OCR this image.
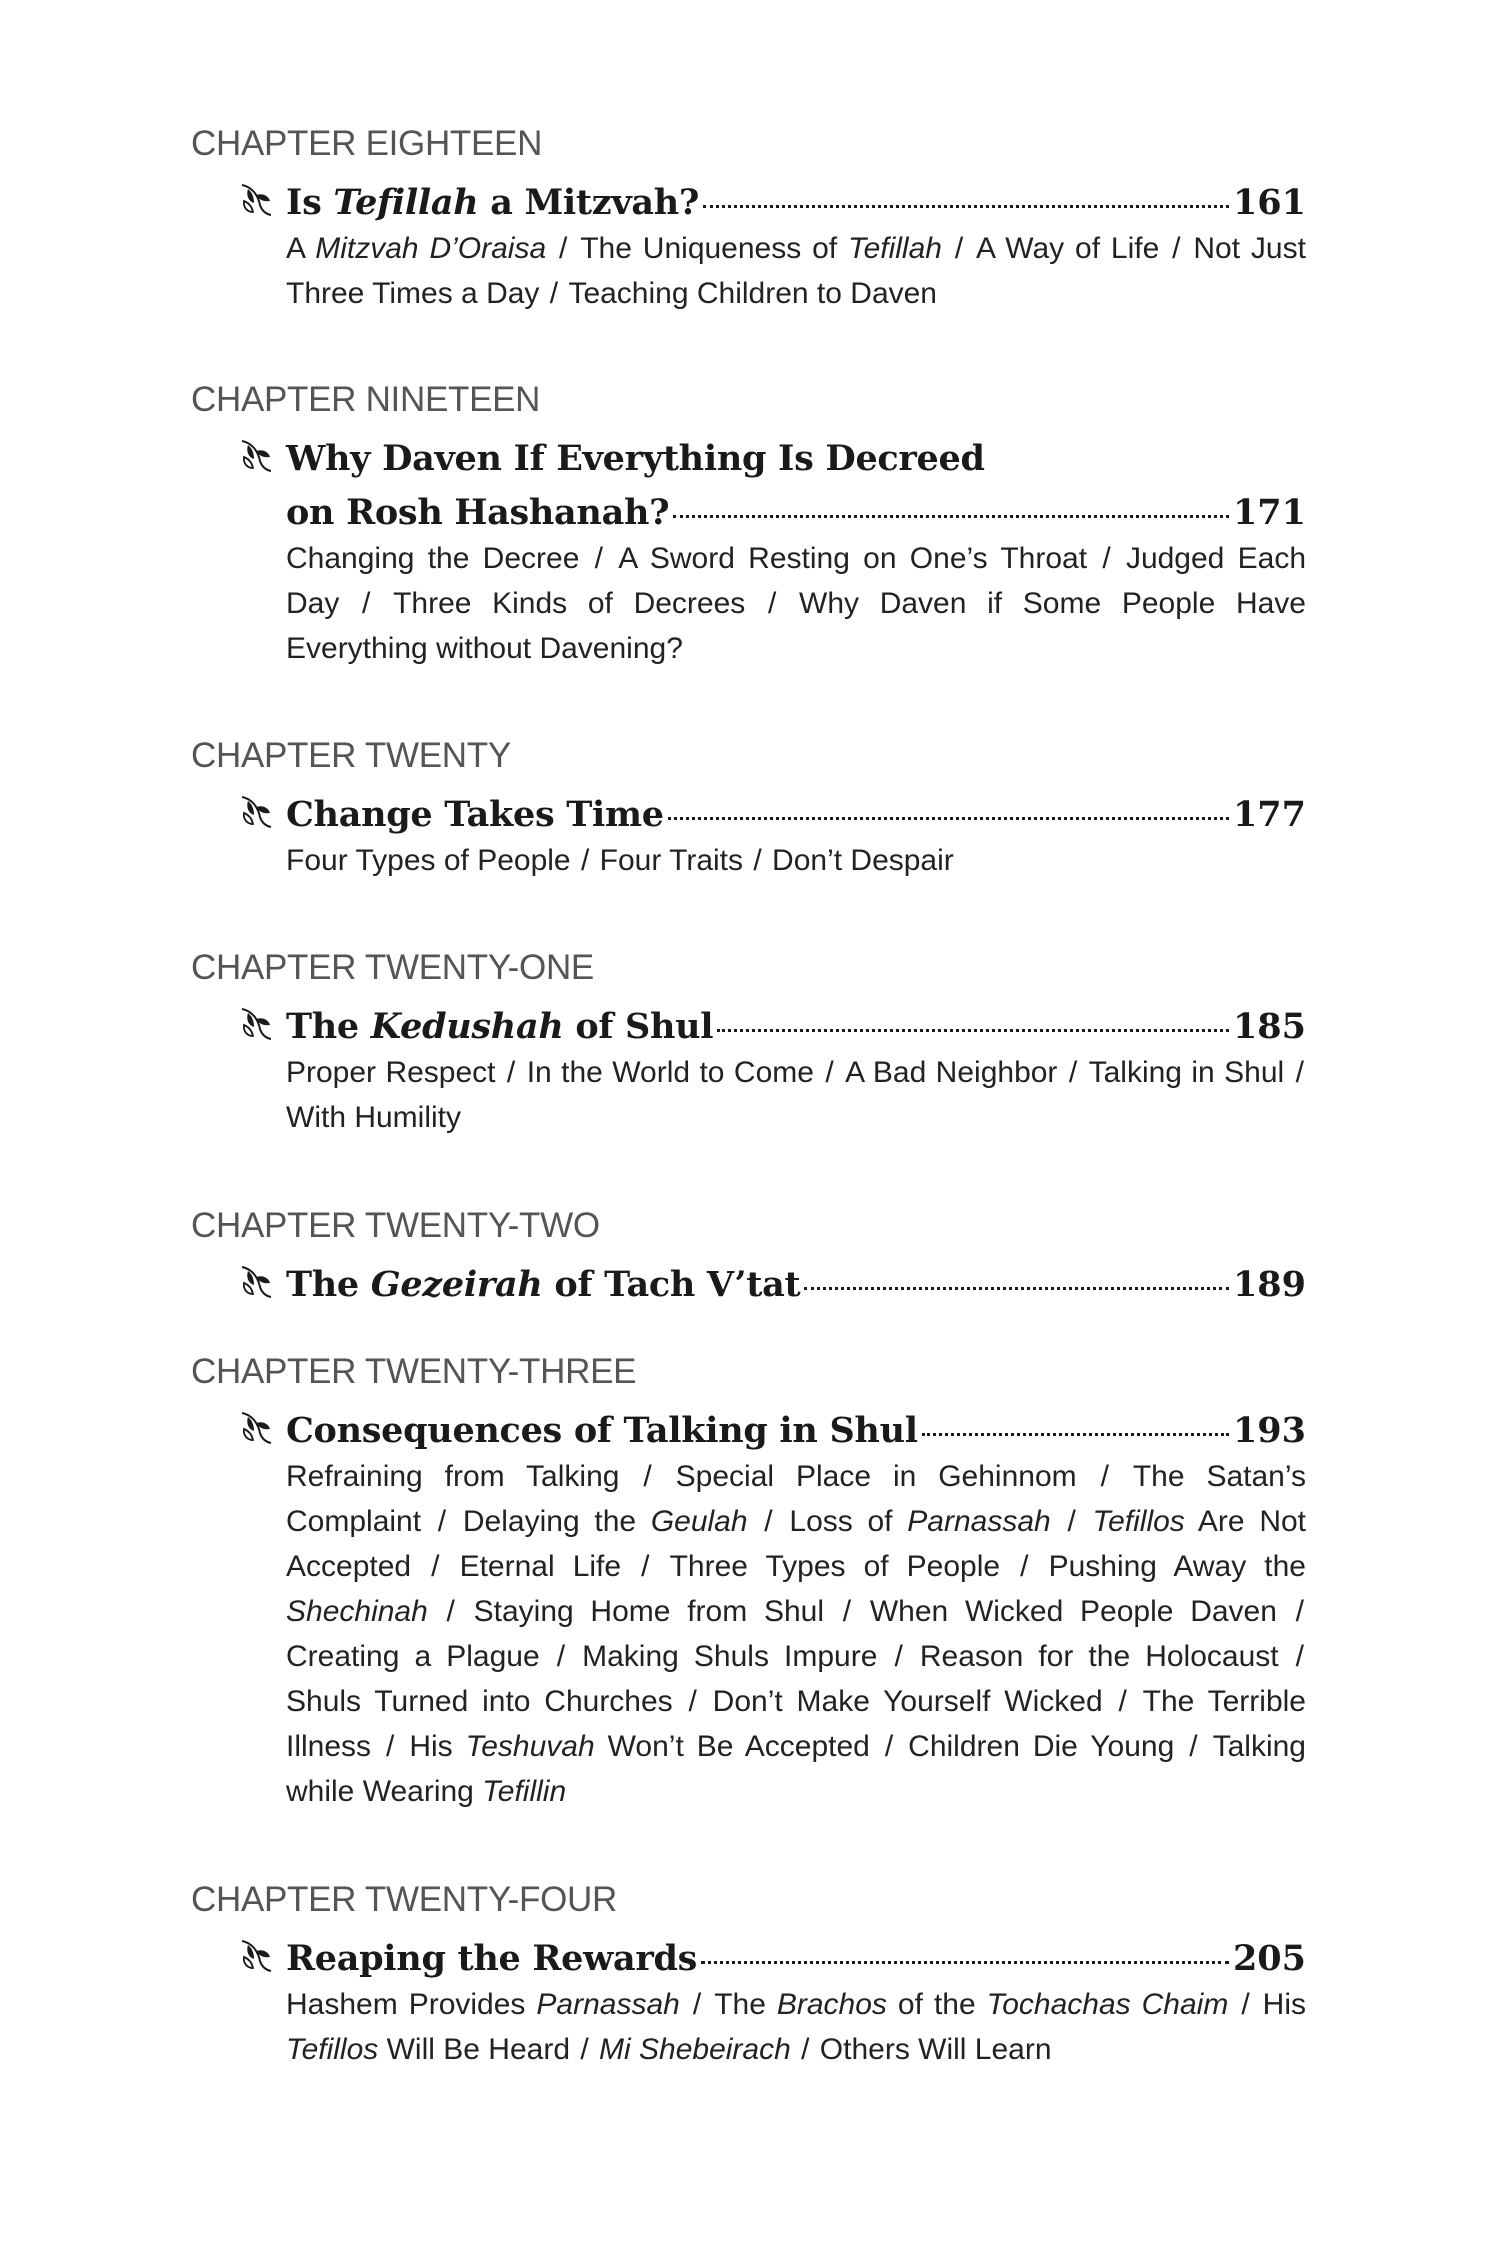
CHAPTER EIGHTEEN
Is Tefillah a Mitzvah?	161
A Mitzvah D’Oraisa / The Uniqueness of Tefillah / A Way of Life / Not Just Three Times a Day / Teaching Children to Daven
CHAPTER NINETEEN
Why Daven If Everything Is Decreed
on Rosh Hashanah?	171
Changing the Decree / A Sword Resting on One’s Throat / Judged Each Day / Three Kinds of Decrees / Why Daven if Some People Have Everything without Davening?
CHAPTER TWENTY
Change Takes Time	177
Four Types of People / Four Traits / Don’t Despair
CHAPTER TWENTY-ONE
The Kedushah of Shul	185
Proper Respect / In the World to Come / A Bad Neighbor / Talking in Shul / With Humility
CHAPTER TWENTY-TWO
The Gezeirah of Tach V’tat	189
CHAPTER TWENTY-THREE
Consequences of Talking in Shul	193
Refraining from Talking / Special Place in Gehinnom / The Satan’s Complaint / Delaying the Geulah / Loss of Parnassah / Tefillos Are Not Accepted / Eternal Life / Three Types of People / Pushing Away the Shechinah / Staying Home from Shul / When Wicked People Daven / Creating a Plague / Making Shuls Impure / Reason for the Holocaust / Shuls Turned into Churches / Don’t Make Yourself Wicked / The Terrible Illness / His Teshuvah Won’t Be Accepted / Children Die Young / Talking while Wearing Tefillin
CHAPTER TWENTY-FOUR
Reaping the Rewards	205
Hashem Provides Parnassah / The Brachos of the Tochachas Chaim / His Tefillos Will Be Heard / Mi Shebeirach / Others Will Learn
